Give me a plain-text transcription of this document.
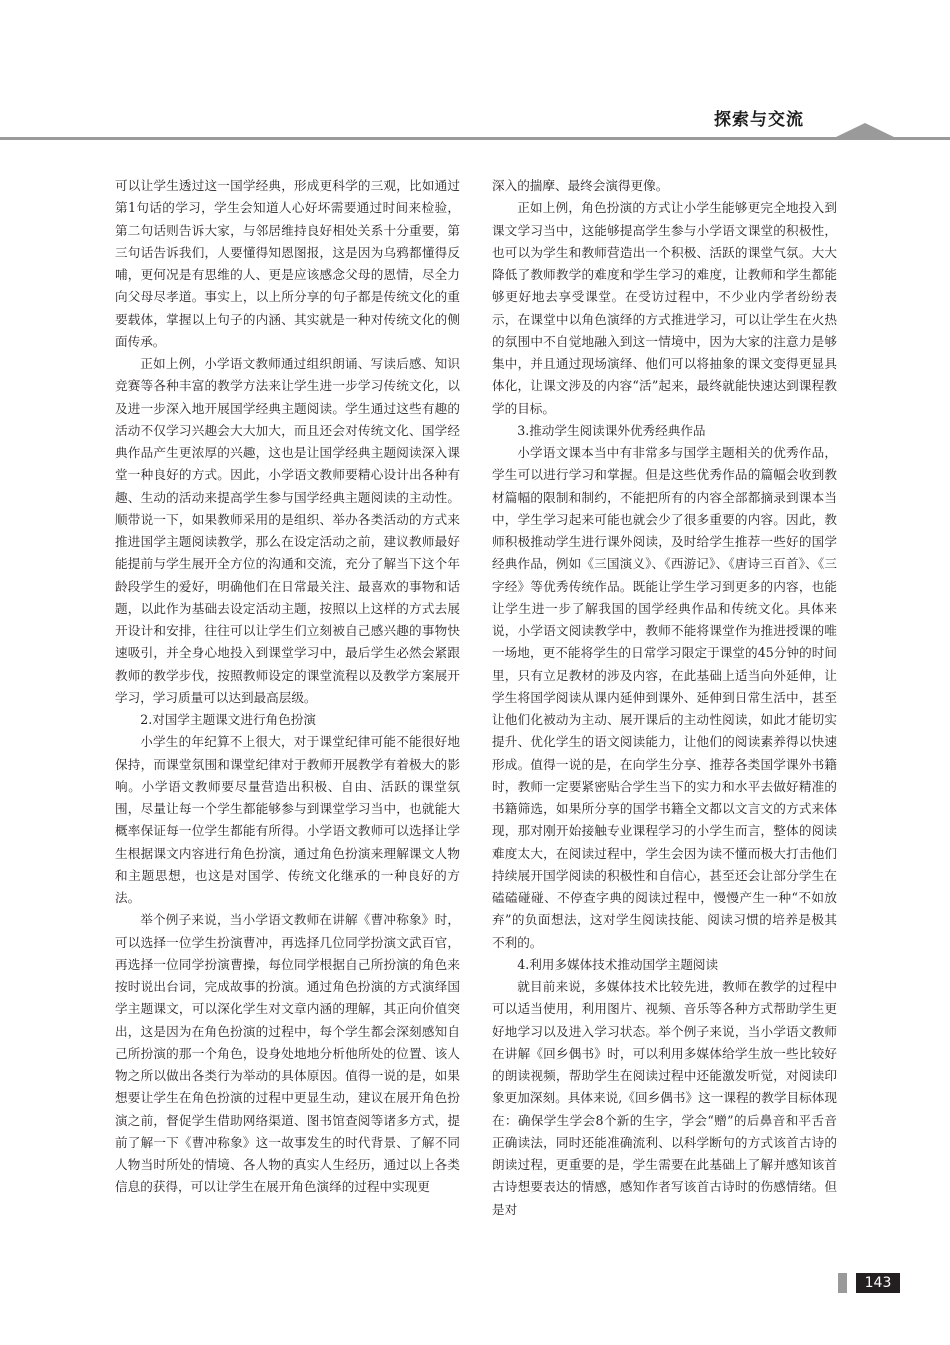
探索与交流

可以让学生透过这一国学经典，形成更科学的三观，比如通过第1句话的学习，学生会知道人心好坏需要通过时间来检验，第二句话则告诉大家，与邻居维持良好相处关系十分重要，第三句话告诉我们，人要懂得知恩图报，这是因为乌鸦都懂得反哺，更何况是有思维的人、更是应该感念父母的恩情，尽全力向父母尽孝道。事实上，以上所分享的句子都是传统文化的重要载体，掌握以上句子的内涵、其实就是一种对传统文化的侧面传承。

正如上例，小学语文教师通过组织朗诵、写读后感、知识竞赛等各种丰富的教学方法来让学生进一步学习传统文化，以及进一步深入地开展国学经典主题阅读。学生通过这些有趣的活动不仅学习兴趣会大大加大，而且还会对传统文化、国学经典作品产生更浓厚的兴趣，这也是让国学经典主题阅读深入课堂一种良好的方式。因此，小学语文教师要精心设计出各种有趣、生动的活动来提高学生参与国学经典主题阅读的主动性。顺带说一下，如果教师采用的是组织、举办各类活动的方式来推进国学主题阅读教学，那么在设定活动之前，建议教师最好能提前与学生展开全方位的沟通和交流，充分了解当下这个年龄段学生的爱好，明确他们在日常最关注、最喜欢的事物和话题，以此作为基础去设定活动主题，按照以上这样的方式去展开设计和安排，往往可以让学生们立刻被自己感兴趣的事物快速吸引，并全身心地投入到课堂学习中，最后学生必然会紧跟教师的教学步伐，按照教师设定的课堂流程以及教学方案展开学习，学习质量可以达到最高层级。

2.对国学主题课文进行角色扮演

小学生的年纪算不上很大，对于课堂纪律可能不能很好地保持，而课堂氛围和课堂纪律对于教师开展教学有着极大的影响。小学语文教师要尽量营造出积极、自由、活跃的课堂氛围，尽量让每一个学生都能够参与到课堂学习当中，也就能大概率保证每一位学生都能有所得。小学语文教师可以选择让学生根据课文内容进行角色扮演，通过角色扮演来理解课文人物和主题思想，也这是对国学、传统文化继承的一种良好的方法。

举个例子来说，当小学语文教师在讲解《曹冲称象》时，可以选择一位学生扮演曹冲，再选择几位同学扮演文武百官，再选择一位同学扮演曹操，每位同学根据自己所扮演的角色来按时说出台词，完成故事的扮演。通过角色扮演的方式演绎国学主题课文，可以深化学生对文章内涵的理解，其正向价值突出，这是因为在角色扮演的过程中，每个学生都会深刻感知自己所扮演的那一个角色，设身处地地分析他所处的位置、该人物之所以做出各类行为举动的具体原因。值得一说的是，如果想要让学生在角色扮演的过程中更显生动，建议在展开角色扮演之前，督促学生借助网络渠道、图书馆查阅等诸多方式，提前了解一下《曹冲称象》这一故事发生的时代背景、了解不同人物当时所处的情境、各人物的真实人生经历，通过以上各类信息的获得，可以让学生在展开角色演绎的过程中实现更

深入的揣摩、最终会演得更像。

正如上例，角色扮演的方式让小学生能够更完全地投入到课文学习当中，这能够提高学生参与小学语文课堂的积极性，也可以为学生和教师营造出一个积极、活跃的课堂气氛。大大降低了教师教学的难度和学生学习的难度，让教师和学生都能够更好地去享受课堂。在受访过程中，不少业内学者纷纷表示，在课堂中以角色演绎的方式推进学习，可以让学生在火热的氛围中不自觉地融入到这一情境中，因为大家的注意力是够集中，并且通过现场演绎、他们可以将抽象的课文变得更显具体化，让课文涉及的内容“活”起来，最终就能快速达到课程教学的目标。

3.推动学生阅读课外优秀经典作品

小学语文课本当中有非常多与国学主题相关的优秀作品，学生可以进行学习和掌握。但是这些优秀作品的篇幅会收到教材篇幅的限制和制约，不能把所有的内容全部都摘录到课本当中，学生学习起来可能也就会少了很多重要的内容。因此，教师积极推动学生进行课外阅读，及时给学生推荐一些好的国学经典作品，例如《三国演义》、《西游记》、《唐诗三百首》、《三字经》等优秀传统作品。既能让学生学习到更多的内容，也能让学生进一步了解我国的国学经典作品和传统文化。具体来说，小学语文阅读教学中，教师不能将课堂作为推进授课的唯一场地，更不能将学生的日常学习限定于课堂的45分钟的时间里，只有立足教材的涉及内容，在此基础上适当向外延伸，让学生将国学阅读从课内延伸到课外、延伸到日常生活中，甚至让他们化被动为主动、展开课后的主动性阅读，如此才能切实提升、优化学生的语文阅读能力，让他们的阅读素养得以快速形成。值得一说的是，在向学生分享、推荐各类国学课外书籍时，教师一定要紧密贴合学生当下的实力和水平去做好精准的书籍筛选，如果所分享的国学书籍全文都以文言文的方式来体现，那对刚开始接触专业课程学习的小学生而言，整体的阅读难度太大，在阅读过程中，学生会因为读不懂而极大打击他们持续展开国学阅读的积极性和自信心，甚至还会让部分学生在磕磕碰碰、不停查字典的阅读过程中，慢慢产生一种“不如放弃”的负面想法，这对学生阅读技能、阅读习惯的培养是极其不利的。

4.利用多媒体技术推动国学主题阅读

就目前来说，多媒体技术比较先进，教师在教学的过程中可以适当使用，利用图片、视频、音乐等各种方式帮助学生更好地学习以及进入学习状态。举个例子来说，当小学语文教师在讲解《回乡偶书》时，可以利用多媒体给学生放一些比较好的朗读视频，帮助学生在阅读过程中还能激发听觉，对阅读印象更加深刻。具体来说,《回乡偶书》这一课程的教学目标体现在：确保学生学会8个新的生字，学会“赠”的后鼻音和平舌音正确读法，同时还能准确流利、以科学断句的方式该首古诗的朗读过程，更重要的是，学生需要在此基础上了解并感知该首古诗想要表达的情感，感知作者写该首古诗时的伤感情绪。但是对

143
